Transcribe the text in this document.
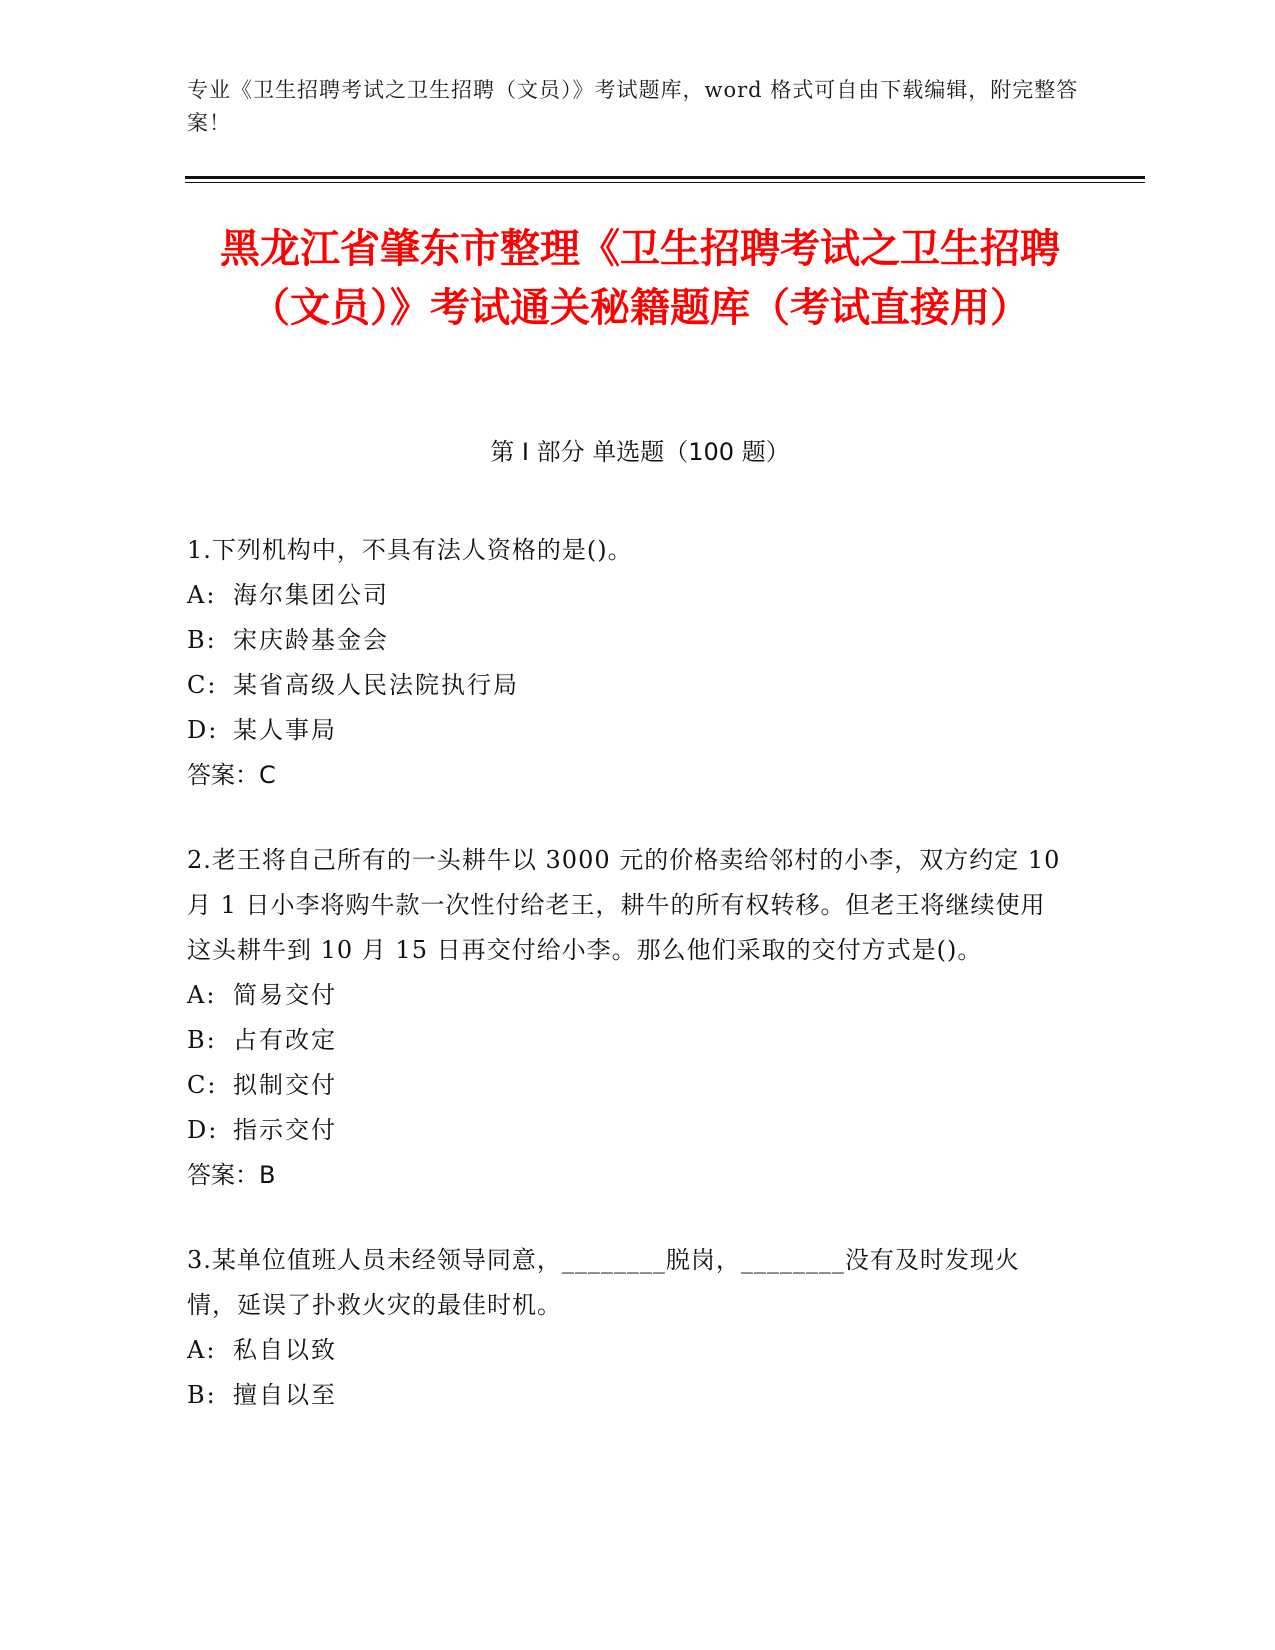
专业《卫生招聘考试之卫生招聘（文员）》考试题库，word 格式可自由下载编辑，附完整答案！
黑龙江省肇东市整理《卫生招聘考试之卫生招聘（文员）》考试通关秘籍题库（考试直接用）
第 I 部分 单选题（100 题）

1.下列机构中，不具有法人资格的是()。

A: 海尔集团公司

B: 宋庆龄基金会

C: 某省高级人民法院执行局

D: 某人事局

答案：C

2.老王将自己所有的一头耕牛以 3000 元的价格卖给邻村的小李，双方约定 10 月 1 日小李将购牛款一次性付给老王，耕牛的所有权转移。但老王将继续使用这头耕牛到 10 月 15 日再交付给小李。那么他们采取的交付方式是()。

A: 简易交付

B: 占有改定

C: 拟制交付

D: 指示交付

答案：B

3.某单位值班人员未经领导同意，________脱岗，________没有及时发现火情，延误了扑救火灾的最佳时机。

A: 私自以致

B: 擅自以至
